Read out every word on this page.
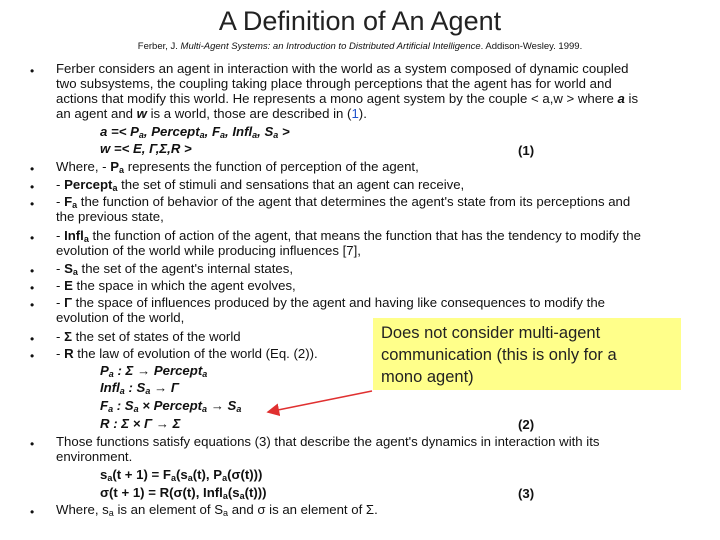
A Definition of An Agent
Ferber, J. Multi-Agent Systems: an Introduction to Distributed Artificial Intelligence. Addison-Wesley. 1999.
• Ferber considers an agent in interaction with the world as a system composed of dynamic coupled
two subsystems, the coupling taking place through perceptions that the agent has for world and
actions that modify this world. He represents a mono agent system by the couple < a,w > where a is
an agent and w is a world, those are described in (1).
$a =< P_a$, Percept$_a$, $F_a$, Infl$_a$, $S_a$ >
w =< E, Γ,Σ,R >	(1)
• Where, - $P_a$ represents the function of perception of the agent,
• - Percept$_a$ the set of stimuli and sensations that an agent can receive,
• - $F_a$ the function of behavior of the agent that determines the agent's state from its perceptions and
the previous state,
• - Infl$_a$ the function of action of the agent, that means the function that has the tendency to modify the
evolution of the world while producing influences [7],
• - $S_a$ the set of the agent's internal states,
• - E the space in which the agent evolves,
• - Γ the space of influences produced by the agent and having like consequences to modify the
evolution of the world,
• - Σ the set of states of the world
• - R the law of evolution of the world (Eq. (2)).
$P_a$ : Σ → Percept$_a$
Infl$_a$ : $S_a \to \Gamma$
$F_a$ : $S_a$ × Percept$_a$ → $S_a$
R : Σ × Γ → Σ	(2)
• Those functions satisfy equations (3) that describe the agent's dynamics in interaction with its
environment.
$s_a(t + 1) = F_a(s_a(t)$, $P_a(\sigma(t))$)
σ(t + 1) = R(σ(t), $Infl_a(s_a(t))$)	(3)
• Where, $s_a$ is an element of $S_a$ and σ is an element of Σ.
Does not consider multi-agent
communication (this is only for a
mono agent)
